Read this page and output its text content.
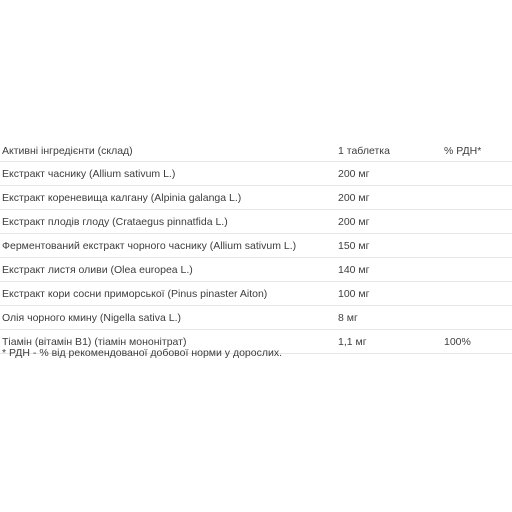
Активні інгредієнти (склад)	1 таблетка	% РДН*
Екстракт часнику (Allium sativum L.)	200 мг	
Екстракт кореневища калгану (Alpinia galanga L.)	200 мг	
Екстракт плодів глоду (Crataegus pinnatfida L.)	200 мг	
Ферментований екстракт чорного часнику (Allium sativum L.)	150 мг	
Екстракт листя оливи (Olea europea L.)	140 мг	
Екстракт кори сосни приморської (Pinus pinaster Aiton)	100 мг	
Олія чорного кмину (Nigella sativa L.)	8 мг	
Тіамін (вітамін В1) (тіамін мононітрат)	1,1 мг	100%
* РДН - % від рекомендованої добової норми у дорослих.
